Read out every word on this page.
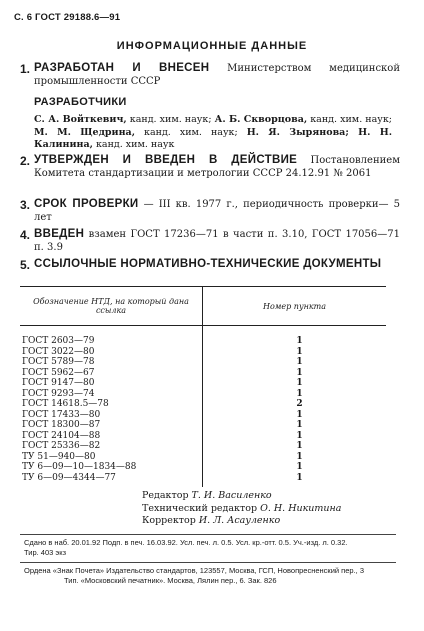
С. 6 ГОСТ 29188.6—91
ИНФОРМАЦИОННЫЕ ДАННЫЕ
1. РАЗРАБОТАН И ВНЕСЕН Министерством медицинской промышленности СССР
РАЗРАБОТЧИКИ
С. А. Войткевич, канд. хим. наук; А. Б. Скворцова, канд. хим. наук; М. М. Щедрина, канд. хим. наук; Н. Я. Зырянова; Н. Н. Калинина, канд. хим. наук
2. УТВЕРЖДЕН И ВВЕДЕН В ДЕЙСТВИЕ Постановлением Комитета стандартизации и метрологии СССР 24.12.91 № 2061
3. СРОК ПРОВЕРКИ — III кв. 1977 г., периодичность проверки— 5 лет
4. ВВЕДЕН взамен ГОСТ 17236—71 в части п. 3.10, ГОСТ 17056—71 п. 3.9
5. ССЫЛОЧНЫЕ НОРМАТИВНО-ТЕХНИЧЕСКИЕ ДОКУМЕНТЫ
Обозначение НТД, на который дана ссылка	Номер пункта
ГОСТ 2603—79	1
ГОСТ 3022—80	1
ГОСТ 5789—78	1
ГОСТ 5962—67	1
ГОСТ 9147—80	1
ГОСТ 9293—74	1
ГОСТ 14618.5—78	2
ГОСТ 17433—80	1
ГОСТ 18300—87	1
ГОСТ 24104—88	1
ГОСТ 25336—82	1
ТУ 51—940—80	1
ТУ 6—09—10—1834—88	1
ТУ 6—09—4344—77	1
Редактор Т. И. Василенко
Технический редактор О. Н. Никитина
Корректор И. Л. Асауленко
Сдано в наб. 20.01.92 Подп. в печ. 16.03.92. Усл. печ. л. 0.5. Усл. кр.-отт. 0.5. Уч.-изд. л. 0.32.
Тир. 403 экз
Ордена «Знак Почета» Издательство стандартов, 123557, Москва, ГСП, Новопресненский пер., 3
Тип. «Московский печатник». Москва, Лялин пер., 6. Зак. 826
